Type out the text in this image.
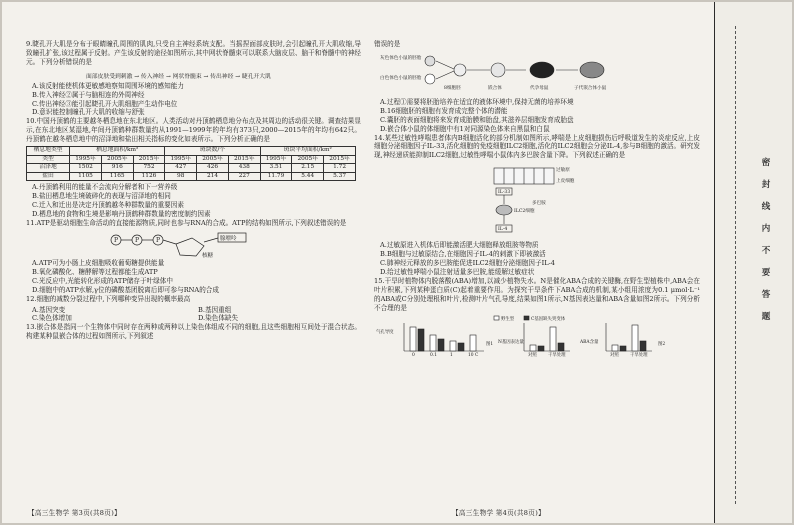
9.睫孔开大肌是分布于眼睛瞳孔周围的肌肉,只受自主神经系统支配。当摇捏面部皮肤时,会引起瞳孔开大肌收缩,导致瞳孔扩张,该过程属于反射。产生该反射的途径如图所示,其中网状脊髓束可以联系大脑皮层、脑干和脊髓中的神经元。下列分析错误的是

面部皮肤受到刺激 → 传入神经 → 网状脊髓束 → 传出神经 → 睫孔开大肌

A.该反射能使机体更敏感地察知周围环境的感知能力

B.传入神经②属于与脑相连的外周神经

C.传出神经③能引起睫孔开大肌细胞产生动作电位

D.意识能控制瞳孔开大肌的收缩与舒张

10.中国丹顶鹤的主要越冬栖息地在东北地区。人类活动对丹顶鹤栖息地分布点及其周边的活动很关键。调查结果显示,在东北地区某湿地,年间丹顶鹤种群数量约从1991—1999年的年均有373只,2000—2015年的年均有642只。丹顶鹤在越冬栖息地中的沼泽地和盐田相关指标的变化如表所示。下列分析正确的是

栖息地类型	栖息地面积/km²			斑块数/个			斑块平均面积/km²		
类型	1995年	2005年	2015年	1995年	2005年	2015年	1995年	2005年	2015年
沼泽地	1502	916	752	427	426	438	3.51	2.15	1.72
盐田	1105	1165	1126	98	214	227	11.79	5.44	5.37

A.丹顶鹤利用的能量不会流向分解者和下一营养级

B.盐田栖息地生境破碎化的表现与沼泽地的相同

C.迁入和迁出是决定丹顶鹤越冬种群数量的重要因素

D.栖息地的食物和生境是影响丹顶鹤种群数量的密度制约因素

11.ATP是驱动细胞生命活动的直接能源物质,同时也参与RNA的合成。ATP的结构如图所示,下列叙述错误的是

P	P	P	腺嘌呤
核糖

A.ATP可为小肠上皮细胞吸收葡萄糖提供能量

B.氧化磷酸化、糖酵解等过程都能生成ATP

C.光反应中,光能转化形成的ATP储存于叶绿体中

D.细胞中的ATP水解,γ位的磷酸基团脱离后即可参与RNA的合成

12.细胞的减数分裂过程中,下列哪种变异出现的概率最高

A.基因突变	B.基因重组

C.染色体增加	D.染色体缺失

13.嵌合体是指同一个生物体中同时存在两种或两种以上染色体组成不同的细胞,且这些细胞相互间处于混合状态。构建某种鼠嵌合体的过程如图所示,下列叙述

错误的是

灰色体色小鼠的胚胎
白色体色小鼠的胚胎
8细胞胚	嵌合体	代孕母鼠	子代嵌合体小鼠

A.过程①需要将胚胎培养在适宜的液体环境中,保持无菌的培养环境

B.16细胞胚的细胞有发育成完整个体的潜能

C.囊胚的表面细胞将来发育成胎膜和胎盘,其滋养层细胞发育成胎盘

D.嵌合体小鼠的体细胞中有1对同源染色体来自黑鼠和白鼠

14.某些过敏性哮喘患者体内B细胞活化的部分机制如图所示,哮喘是上皮细胞损伤后呼吸道发生的炎症反应,上皮细胞分泌细胞因子IL-33,活化细胞的免疫细胞ILC2细胞,活化的ILC2细胞会分泌IL-4,参与B细胞的激活。研究发现,神经递质能抑制ILC2细胞,过敏性哮喘小鼠体内多巴胺含量下降。下列叙述正确的是

过敏原
上皮细胞
IL-33
ILC2细胞
多巴胺
IL-4

A.过敏原进入机体后即能激活肥大细胞释放组胺等物质

B.B细胞与过敏原结合,在细胞因子IL-4的刺激下即被激活

C.肺神经元释放的多巴胺能促进ILC2细胞分泌细胞因子IL-4

D.给过敏性哮喘小鼠注射适量多巴胺,能缓解过敏症状

15.干旱时植物体内脱落酸(ABA)增加,以减少植物失水。N是催化ABA合成的关键酶,在野生型植株中,ABA会在叶片积累,下列某种蛋白质(C)起着重要作用。为探究干旱条件下ABA合成的机制,某小组用浓度为0.1 μmol·L⁻¹的ABA或C分别处理根和叶片,检测叶片气孔导度,结果如图1所示,N基因表达量和ABA含量如图2所示。下列分析不合理的是

野生型	C基因缺失突变体
气孔导度
0	0.1	1	10 C
图1 N基因表达量
对照	干旱处理
ABA含量
对照	干旱处理
图2
【高三生物学 第3页(共8页)】	【高三生物学 第4页(共8页)】
密
封
线
内
不
要
答
题
